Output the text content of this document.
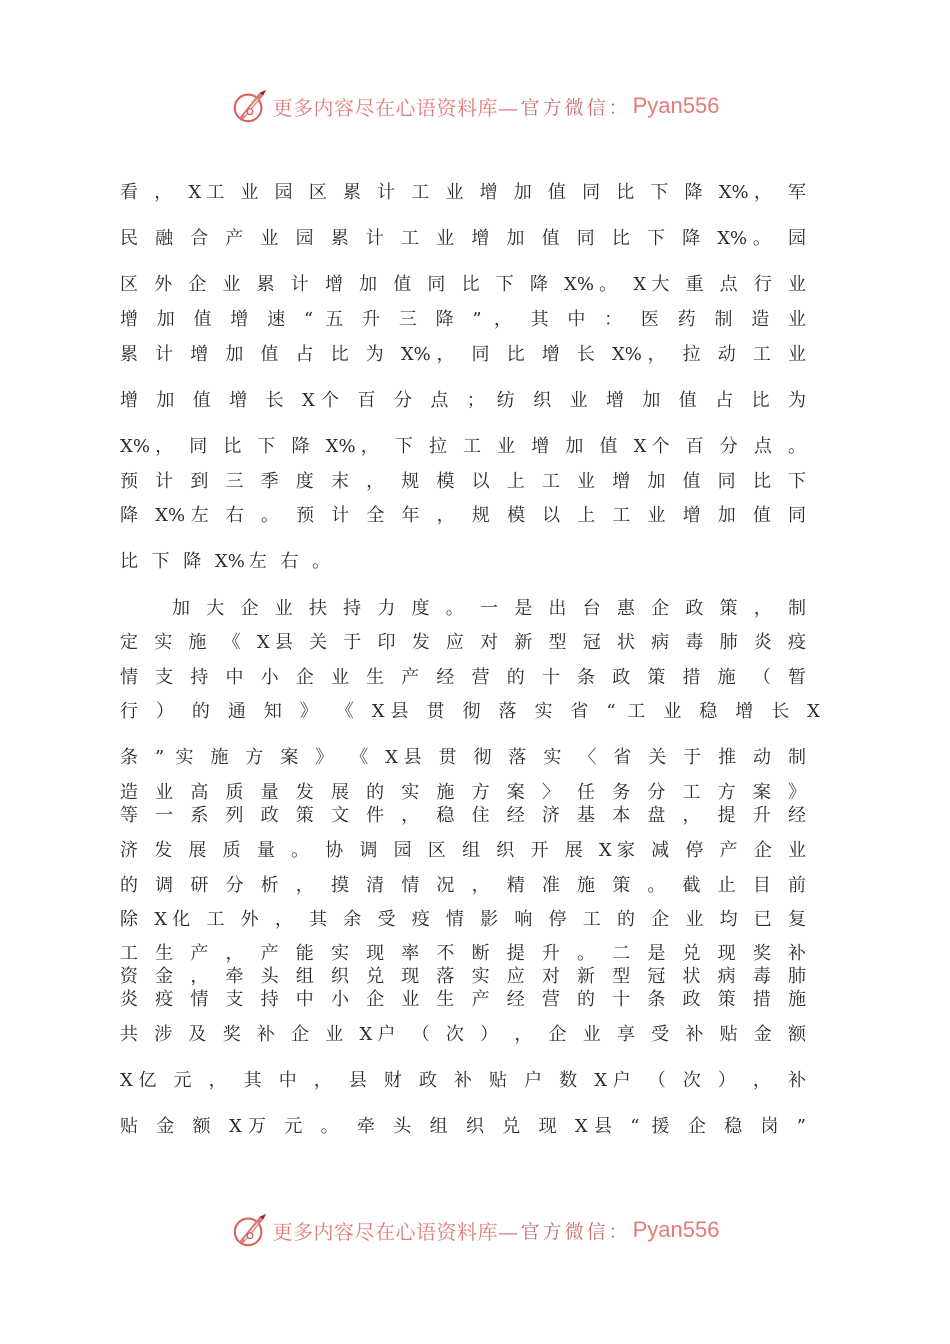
更多内容尽在心语资料库— 官方微信： Pyan556
看 ， X工 业 园 区 累 计 工 业 增 加 值 同 比 下 降 X%， 军
民 融 合 产 业 园 累 计 工 业 增 加 值 同 比 下 降 X%。 园
区 外 企 业 累 计 增 加 值 同 比 下 降 X%。 X大 重 点 行 业
增 加 值 增 速 “ 五 升 三 降 ” ， 其 中 ： 医 药 制 造 业
累 计 增 加 值 占 比 为 X%， 同 比 增 长 X%， 拉 动 工 业
增 加 值 增 长 X个 百 分 点 ； 纺 织 业 增 加 值 占 比 为
X%， 同 比 下 降 X%， 下 拉 工 业 增 加 值 X个 百 分 点 。
预 计 到 三 季 度 末 ， 规 模 以 上 工 业 增 加 值 同 比 下
降 X%左 右 。 预 计 全 年 ， 规 模 以 上 工 业 增 加 值 同
比 下 降 X%左 右 。
加 大 企 业 扶 持 力 度 。 一 是 出 台 惠 企 政 策 ， 制
定 实 施 《 X县 关 于 印 发 应 对 新 型 冠 状 病 毒 肺 炎 疫
情 支 持 中 小 企 业 生 产 经 营 的 十 条 政 策 措 施 （ 暂
行 ） 的 通 知 》 《 X县 贯 彻 落 实 省 “ 工 业 稳 增 长 X
条 ” 实 施 方 案 》 《 X县 贯 彻 落 实 〈 省 关 于 推 动 制
造 业 高 质 量 发 展 的 实 施 方 案 〉 任 务 分 工 方 案 》
等 一 系 列 政 策 文 件 ， 稳 住 经 济 基 本 盘 ， 提 升 经
济 发 展 质 量 。 协 调 园 区 组 织 开 展 X家 减 停 产 企 业
的 调 研 分 析 ， 摸 清 情 况 ， 精 准 施 策 。 截 止 目 前
除 X化 工 外 ， 其 余 受 疫 情 影 响 停 工 的 企 业 均 已 复
工 生 产 ， 产 能 实 现 率 不 断 提 升 。 二 是 兑 现 奖 补
资 金 ， 牵 头 组 织 兑 现 落 实 应 对 新 型 冠 状 病 毒 肺
炎 疫 情 支 持 中 小 企 业 生 产 经 营 的 十 条 政 策 措 施
共 涉 及 奖 补 企 业 X户 （ 次 ） ， 企 业 享 受 补 贴 金 额
X亿 元 ， 其 中 ， 县 财 政 补 贴 户 数 X户 （ 次 ） ， 补
贴 金 额 X万 元 。 牵 头 组 织 兑 现 X县 “ 援 企 稳 岗 ”
更多内容尽在心语资料库— 官方微信： Pyan556
